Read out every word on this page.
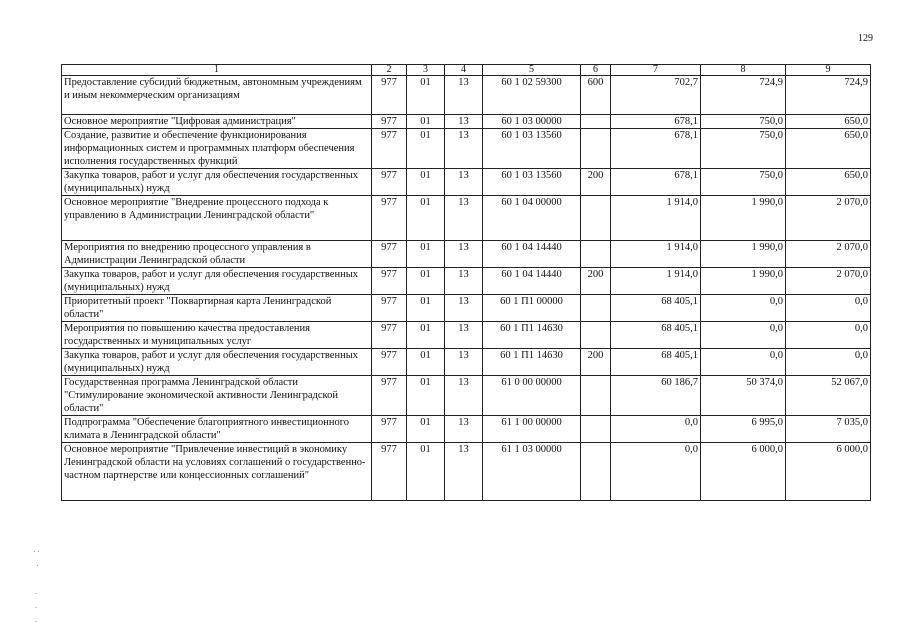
129
1	2	3	4	5	6	7	8	9
Предоставление субсидий бюджетным, автономным учреждениям и иным некоммерческим организациям	977	01	13	60 1 02 59300	600	702,7	724,9	724,9
Основное мероприятие "Цифровая администрация"	977	01	13	60 1 03 00000		678,1	750,0	650,0
Создание, развитие и обеспечение функционирования информационных систем и программных платформ обеспечения исполнения государственных функций	977	01	13	60 1 03 13560		678,1	750,0	650,0
Закупка товаров, работ и услуг для обеспечения государственных (муниципальных) нужд	977	01	13	60 1 03 13560	200	678,1	750,0	650,0
Основное мероприятие "Внедрение процессного подхода к управлению в Администрации Ленинградской области"	977	01	13	60 1 04 00000		1 914,0	1 990,0	2 070,0
Мероприятия по внедрению процессного управления в Администрации Ленинградской области	977	01	13	60 1 04 14440		1 914,0	1 990,0	2 070,0
Закупка товаров, работ и услуг для обеспечения государственных (муниципальных) нужд	977	01	13	60 1 04 14440	200	1 914,0	1 990,0	2 070,0
Приоритетный проект "Поквартирная карта Ленинградской области"	977	01	13	60 1 П1 00000		68 405,1	0,0	0,0
Мероприятия по повышению качества предоставления государственных и муниципальных услуг	977	01	13	60 1 П1 14630		68 405,1	0,0	0,0
Закупка товаров, работ и услуг для обеспечения государственных (муниципальных) нужд	977	01	13	60 1 П1 14630	200	68 405,1	0,0	0,0
Государственная программа Ленинградской области "Стимулирование экономической активности Ленинградской области"	977	01	13	61 0 00 00000		60 186,7	50 374,0	52 067,0
Подпрограмма "Обеспечение благоприятного инвестиционного климата в Ленинградской области"	977	01	13	61 1 00 00000		0,0	6 995,0	7 035,0
Основное мероприятие "Привлечение инвестиций в экономику Ленинградской области на условиях соглашений о государственно-частном партнерстве или концессионных соглашений"	977	01	13	61 1 03 00000		0,0	6 000,0	6 000,0
· ·
·

·
·
·
